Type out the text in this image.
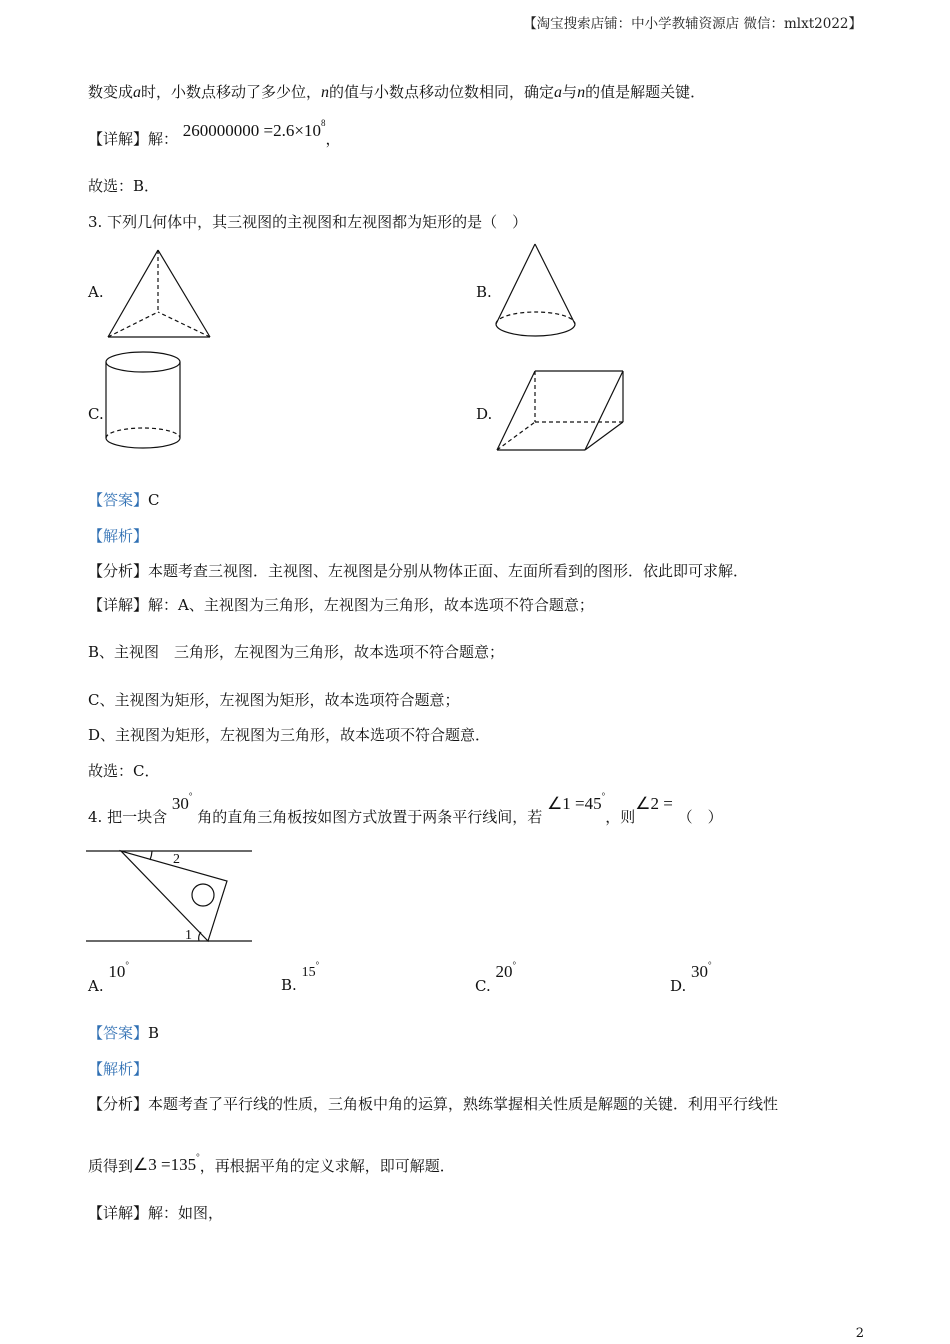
【淘宝搜索店铺：中小学教辅资源店 微信：mlxt2022】
数变成a时，小数点移动了多少位，n的值与小数点移动位数相同，确定a与n的值是解题关键．
【详解】解： $260000000 =2.6\times 10^8$，
故选：B．
3. 下列几何体中，其三视图的主视图和左视图都为矩形的是（　）
A.	B.
C.	D.
【答案】C
【解析】
【分析】本题考查三视图．主视图、左视图是分别从物体正面、左面所看到的图形．依此即可求解．
【详解】解：A、主视图为三角形，左视图为三角形，故本选项不符合题意；
B、主视图　三角形，左视图为三角形，故本选项不符合题意；
C、主视图为矩形，左视图为矩形，故本选项符合题意；
D、主视图为矩形，左视图为三角形，故本选项不符合题意．
故选：C．
4. 把一块含 30° 角的直角三角板按如图方式放置于两条平行线间，若 ∠1 =45°，则∠2 = （　）
2
1
A. 10°
B. 15°
C. 20°
D. 30°
【答案】B
【解析】
【分析】本题考查了平行线的性质，三角板中角的运算，熟练掌握相关性质是解题的关键．利用平行线性
质得到∠3 =135°，再根据平角的定义求解，即可解题．
【详解】解：如图，
2
